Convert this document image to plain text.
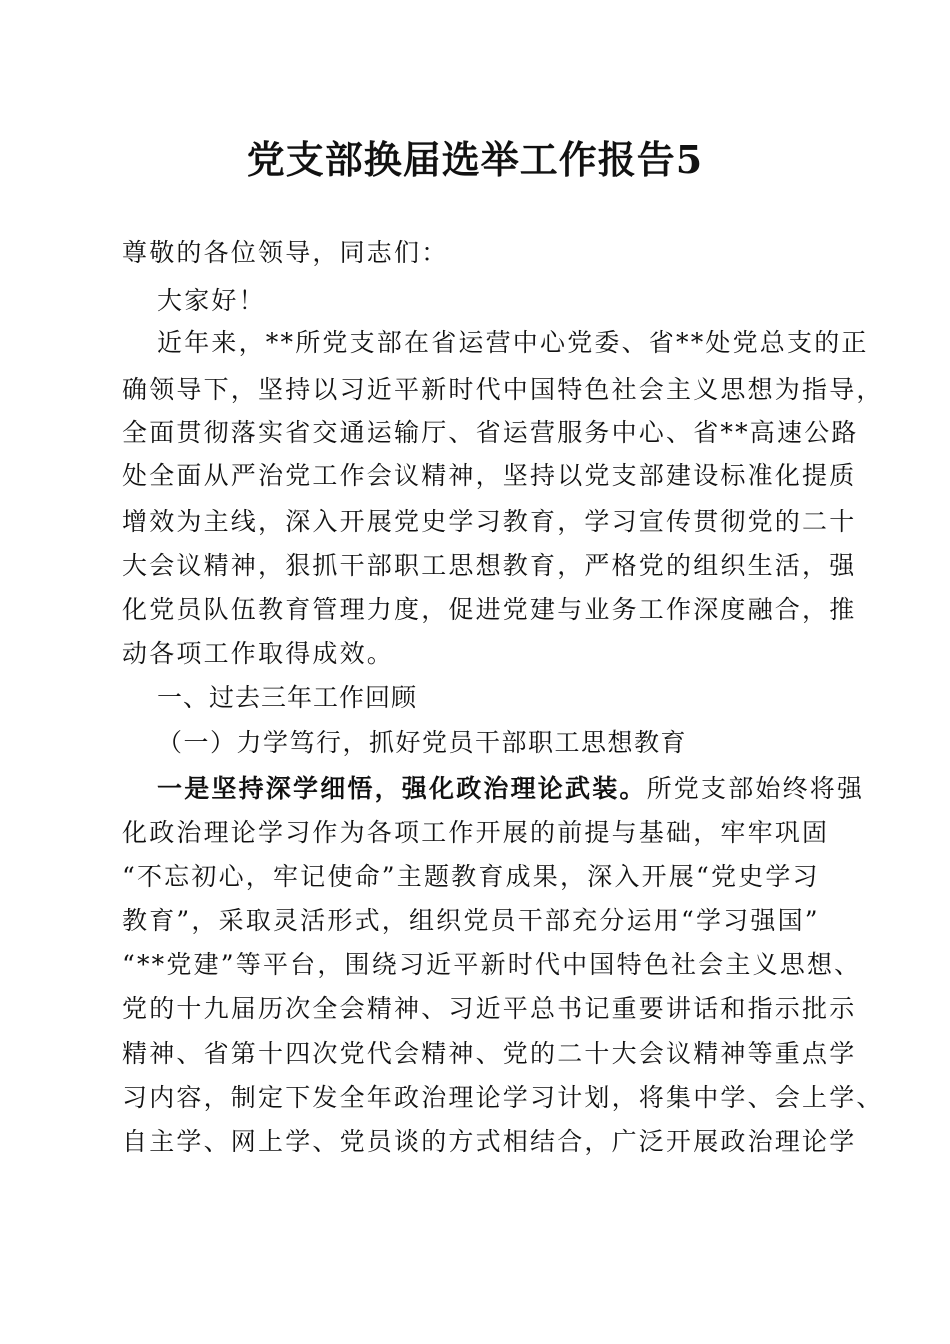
党支部换届选举工作报告5

尊敬的各位领导，同志们：

大家好！

近年来，**所党支部在省运营中心党委、省**处党总支的正

确领导下，坚持以习近平新时代中国特色社会主义思想为指导，

全面贯彻落实省交通运输厅、省运营服务中心、省**高速公路

处全面从严治党工作会议精神，坚持以党支部建设标准化提质

增效为主线，深入开展党史学习教育，学习宣传贯彻党的二十

大会议精神，狠抓干部职工思想教育，严格党的组织生活，强

化党员队伍教育管理力度，促进党建与业务工作深度融合，推

动各项工作取得成效。

一、过去三年工作回顾

（一）力学笃行，抓好党员干部职工思想教育

一是坚持深学细悟，强化政治理论武装。所党支部始终将强

化政治理论学习作为各项工作开展的前提与基础，牢牢巩固

“不忘初心，牢记使命”主题教育成果，深入开展“党史学习

教育”，采取灵活形式，组织党员干部充分运用“学习强国”

“**党建”等平台，围绕习近平新时代中国特色社会主义思想、

党的十九届历次全会精神、习近平总书记重要讲话和指示批示

精神、省第十四次党代会精神、党的二十大会议精神等重点学

习内容，制定下发全年政治理论学习计划，将集中学、会上学、

自主学、网上学、党员谈的方式相结合，广泛开展政治理论学
